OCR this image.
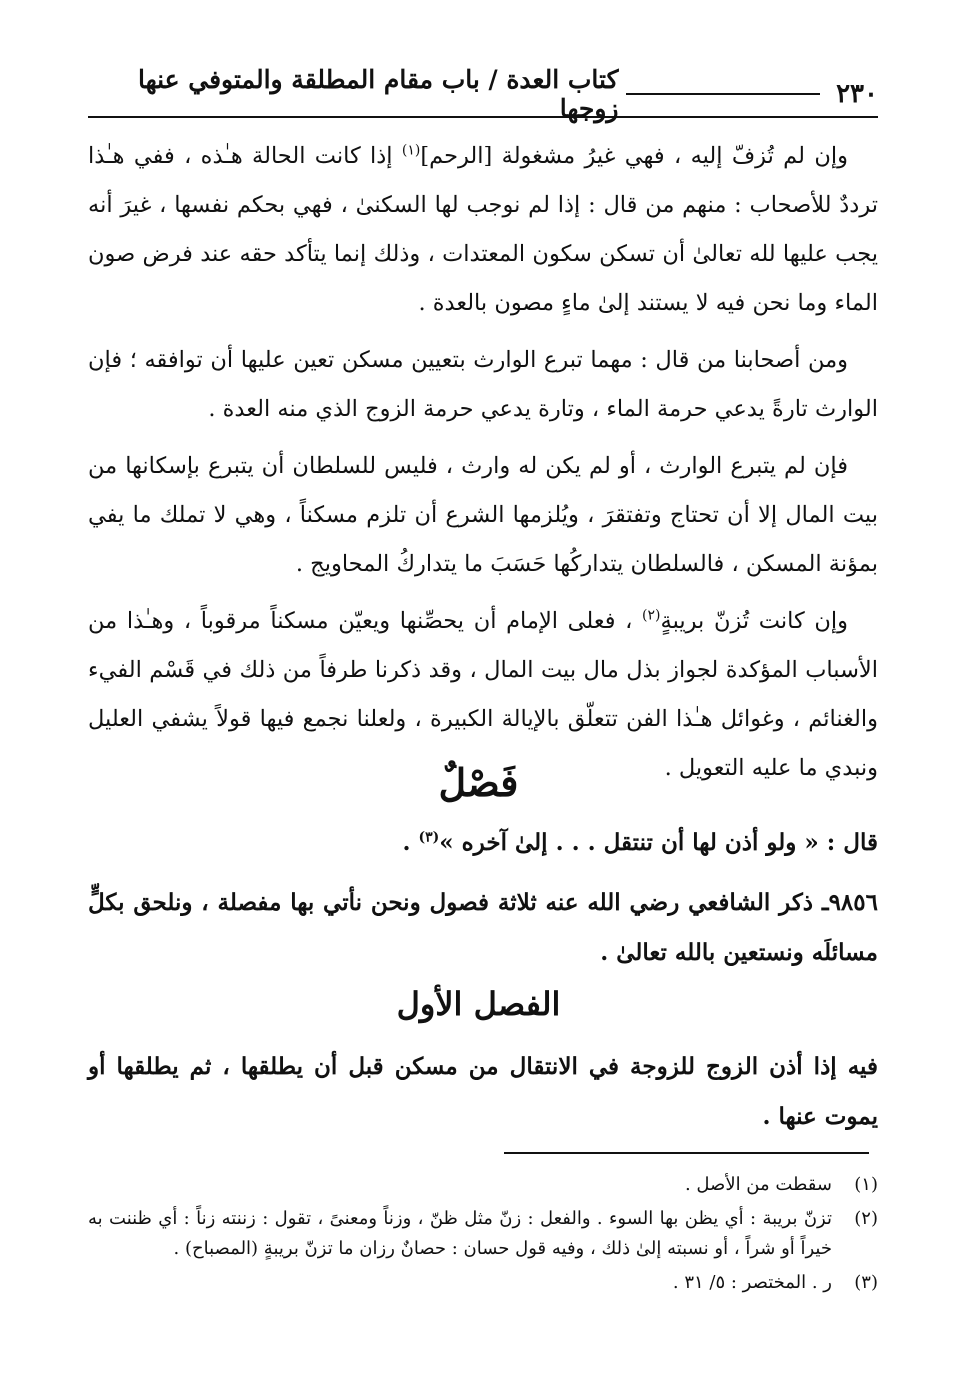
٢٣٠
كتاب العدة / باب مقام المطلقة والمتوفي عنها زوجها

وإن لم تُزفّ إليه ، فهي غيرُ مشغولة [الرحم]$^{(١)}$ إذا كانت الحالة هـٰذه ، ففي هـٰذا ترددٌ للأصحاب : منهم من قال : إذا لم نوجب لها السكنىٰ ، فهي بحكم نفسها ، غيرَ أنه يجب عليها لله تعالىٰ أن تسكن سكون المعتدات ، وذلك إنما يتأكد حقه عند فرض صون الماء وما نحن فيه لا يستند إلىٰ ماءٍ مصون بالعدة .

ومن أصحابنا من قال : مهما تبرع الوارث بتعيين مسكن تعين عليها أن توافقه ؛ فإن الوارث تارةً يدعي حرمة الماء ، وتارة يدعي حرمة الزوج الذي منه العدة .

فإن لم يتبرع الوارث ، أو لم يكن له وارث ، فليس للسلطان أن يتبرع بإسكانها من بيت المال إلا أن تحتاج وتفتقرَ ، ويُلزمها الشرع أن تلزم مسكناً ، وهي لا تملك ما يفي بمؤنة المسكن ، فالسلطان يتداركُها حَسَبَ ما يتداركُ المحاويج .

وإن كانت تُزنّ بريبةٍ$^{(٢)}$ ، فعلى الإمام أن يحصِّنها ويعيّن مسكناً مرقوباً ، وهـٰذا من الأسباب المؤكدة لجواز بذل مال بيت المال ، وقد ذكرنا طرفاً من ذلك في قَسْم الفيء والغنائم ، وغوائل هـٰذا الفن تتعلّق بالإيالة الكبيرة ، ولعلنا نجمع فيها قولاً يشفي العليل ونبدي ما عليه التعويل .

فَصْلٌ
قال : « ولو أذن لها أن تنتقل . . . إلىٰ آخره »$^{(٣)}$ .
٩٨٥٦ـ ذكر الشافعي رضي الله عنه ثلاثة فصول ونحن نأتي بها مفصلة ، ونلحق بكلٍّ مسائلَه ونستعين بالله تعالىٰ .
الفصل الأول
فيه إذا أذن الزوج للزوجة في الانتقال من مسكن قبل أن يطلقها ، ثم يطلقها أو يموت عنها .
(١)
سقطت من الأصل .
(٢)
تزنّ بريبة : أي يظن بها السوء . والفعل : زنّ مثل ظنّ ، وزناً ومعنىً ، تقول : زننته زناً : أي ظننت به خيراً أو شراً ، أو نسبته إلىٰ ذلك ، وفيه قول حسان : حصانٌ رزان ما تزنّ بريبةٍ (المصباح) .
(٣)
ر . المختصر : ٥/ ٣١ .
